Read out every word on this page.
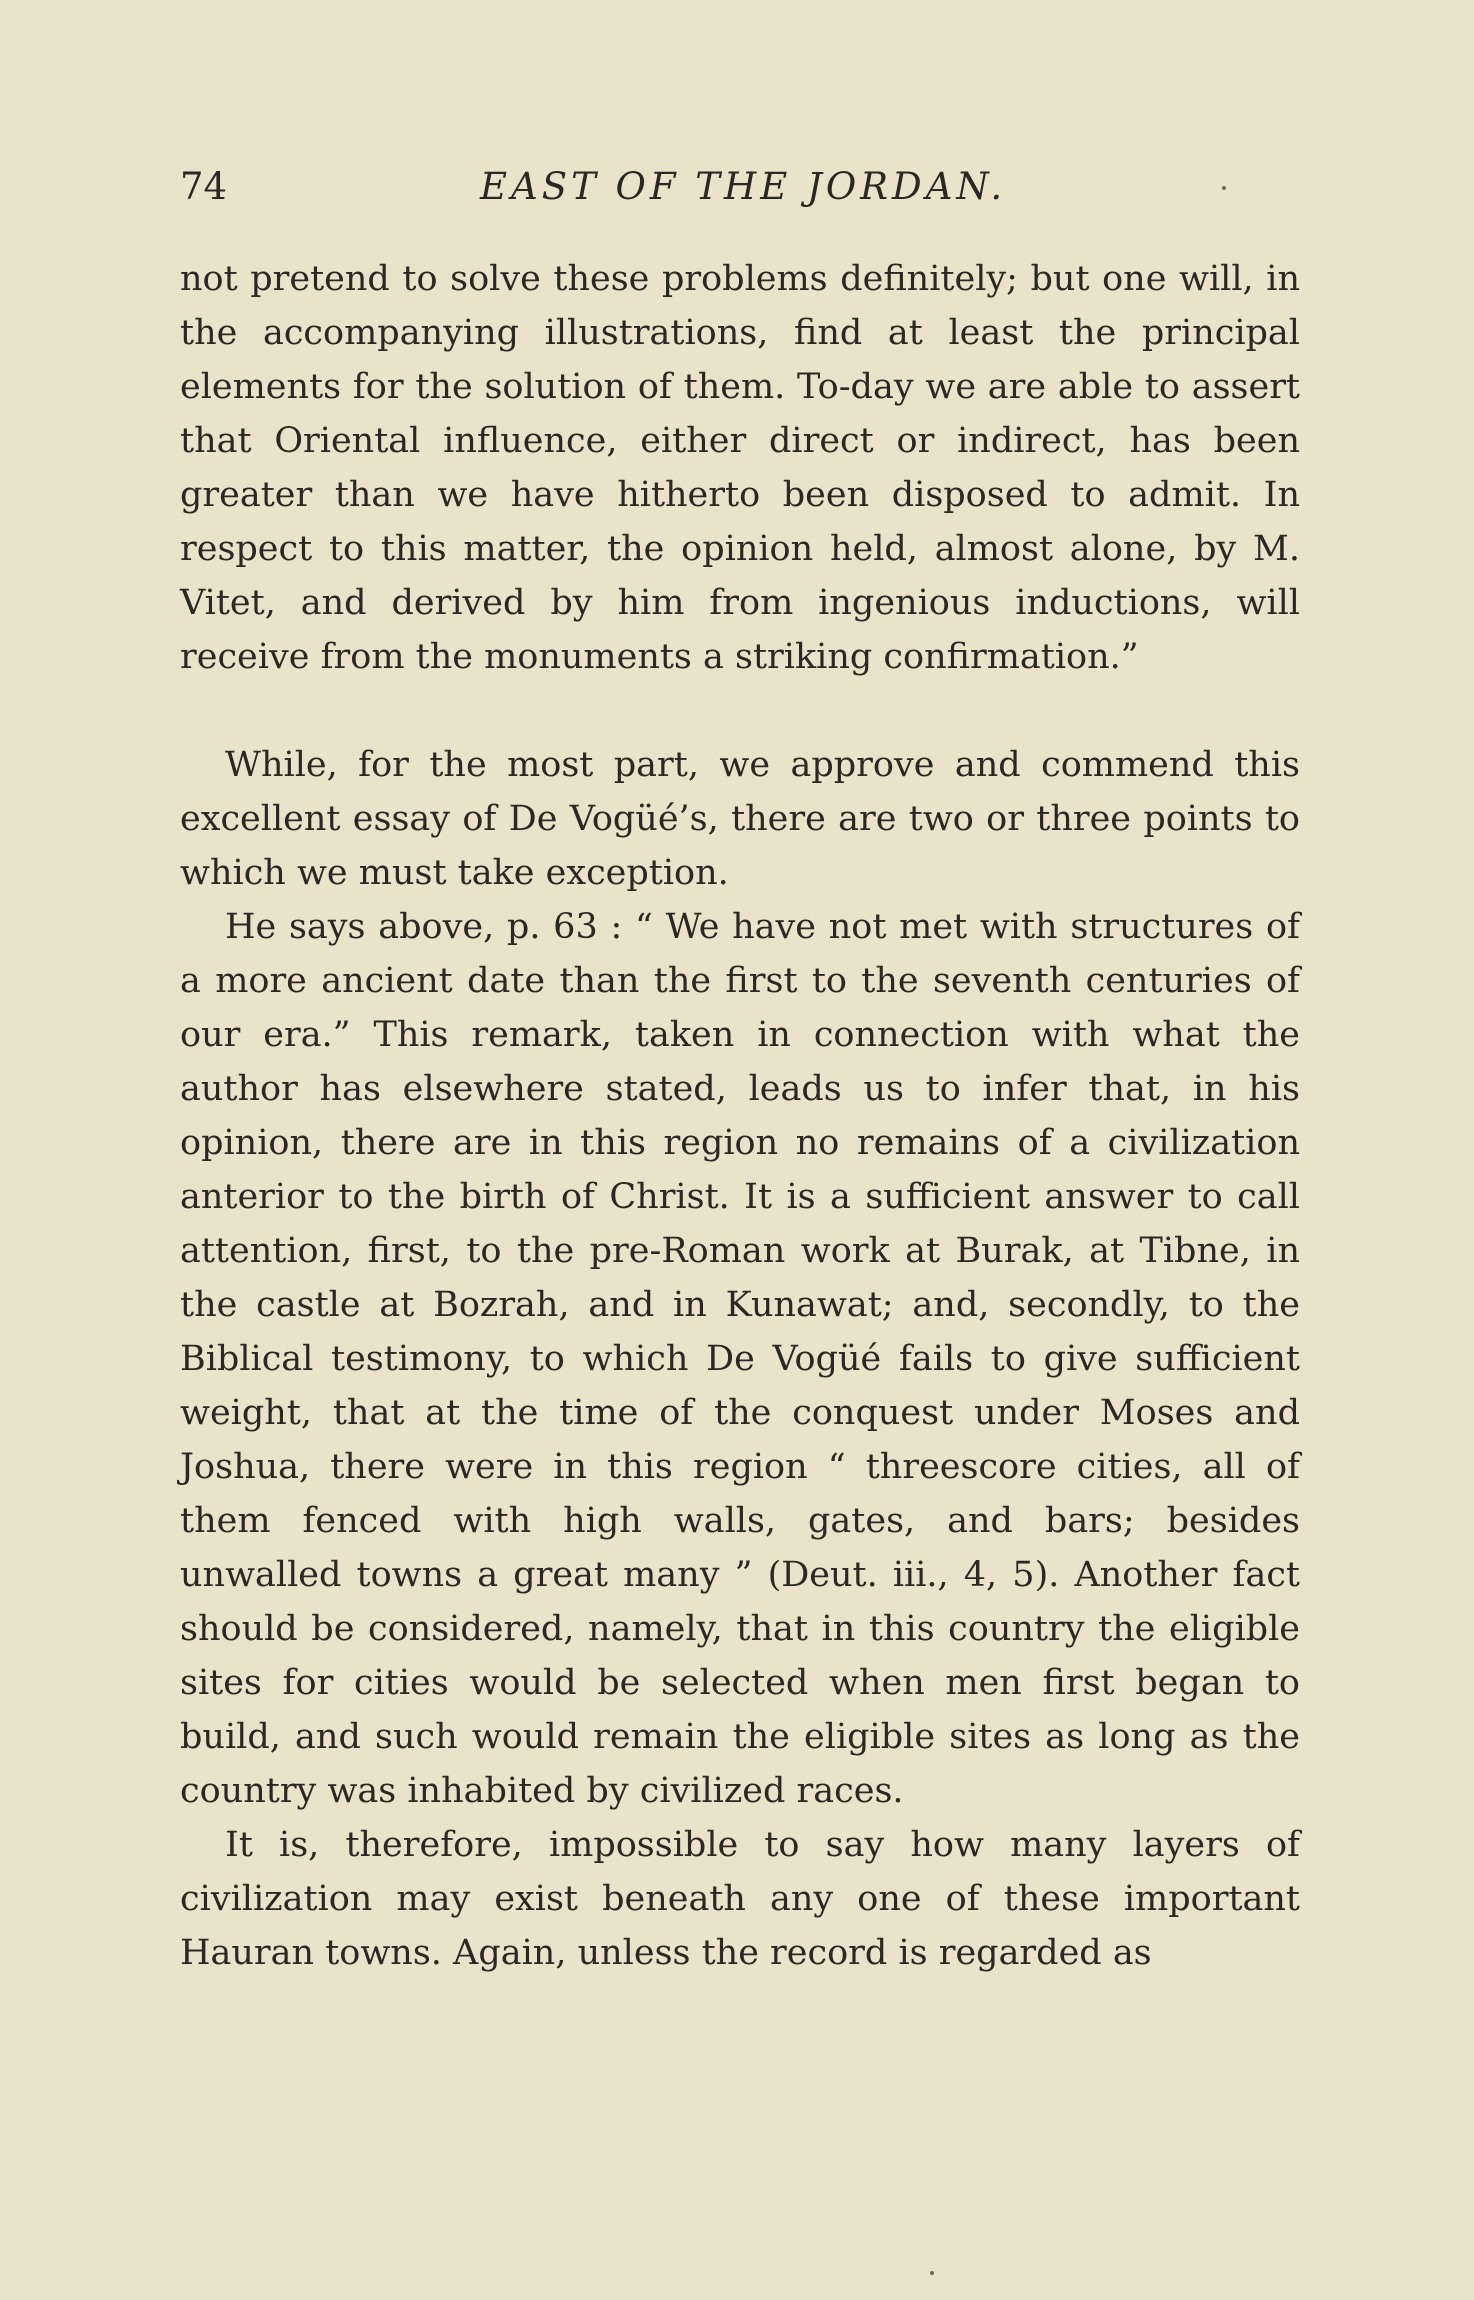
74	EAST OF THE JORDAN.

not pretend to solve these problems definitely; but one will, in the accompanying illustrations, find at least the principal elements for the solution of them. To-day we are able to assert that Oriental influence, either direct or indirect, has been greater than we have hitherto been disposed to admit. In respect to this matter, the opinion held, almost alone, by M. Vitet, and derived by him from ingenious inductions, will receive from the monuments a striking confirmation.”

While, for the most part, we approve and commend this excellent essay of De Vogüé’s, there are two or three points to which we must take exception.

He says above, p. 63 : “ We have not met with structures of a more ancient date than the first to the seventh centuries of our era.” This remark, taken in connection with what the author has elsewhere stated, leads us to infer that, in his opinion, there are in this region no remains of a civilization anterior to the birth of Christ. It is a sufficient answer to call attention, first, to the pre-Roman work at Burak, at Tibne, in the castle at Bozrah, and in Kunawat; and, secondly, to the Biblical testimony, to which De Vogüé fails to give sufficient weight, that at the time of the conquest under Moses and Joshua, there were in this region “ threescore cities, all of them fenced with high walls, gates, and bars; besides unwalled towns a great many ” (Deut. iii., 4, 5). Another fact should be considered, namely, that in this country the eligible sites for cities would be selected when men first began to build, and such would remain the eligible sites as long as the country was inhabited by civilized races.

It is, therefore, impossible to say how many layers of civilization may exist beneath any one of these important Hauran towns. Again, unless the record is regarded as
